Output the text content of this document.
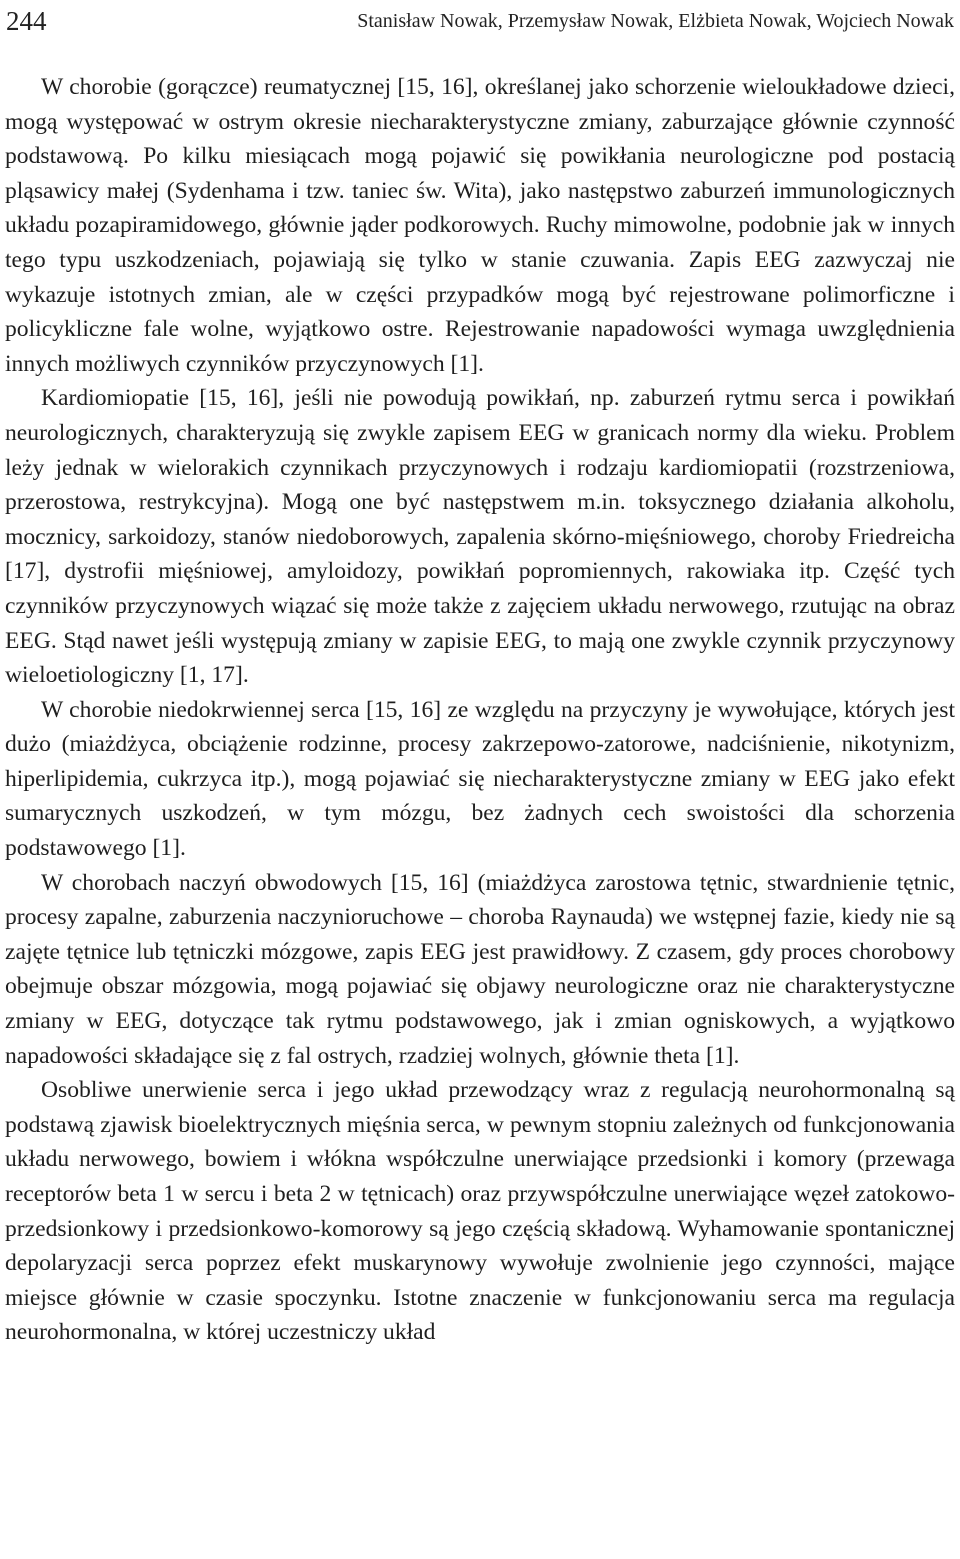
244	Stanisław Nowak, Przemysław Nowak, Elżbieta Nowak, Wojciech Nowak

W chorobie (gorączce) reumatycznej [15, 16], określanej jako schorzenie wieloukładowe dzieci, mogą występować w ostrym okresie niecharakterystyczne zmiany, zaburzające głównie czynność podstawową. Po kilku miesiącach mogą pojawić się powikłania neurologiczne pod postacią pląsawicy małej (Sydenhama i tzw. taniec św. Wita), jako następstwo zaburzeń immunologicznych układu pozapiramidowego, głównie jąder podkorowych. Ruchy mimowolne, podobnie jak w innych tego typu uszkodzeniach, pojawiają się tylko w stanie czuwania. Zapis EEG zazwyczaj nie wykazuje istotnych zmian, ale w części przypadków mogą być rejestrowane polimorficzne i policykliczne fale wolne, wyjątkowo ostre. Rejestrowanie napadowości wymaga uwzględnienia innych możliwych czynników przyczynowych [1].

Kardiomiopatie [15, 16], jeśli nie powodują powikłań, np. zaburzeń rytmu serca i powikłań neurologicznych, charakteryzują się zwykle zapisem EEG w granicach normy dla wieku. Problem leży jednak w wielorakich czynnikach przyczynowych i rodzaju kardiomiopatii (rozstrzeniowa, przerostowa, restrykcyjna). Mogą one być następstwem m.in. toksycznego działania alkoholu, mocznicy, sarkoidozy, stanów niedoborowych, zapalenia skórno-mięśniowego, choroby Friedreicha [17], dystrofii mięśniowej, amyloidozy, powikłań popromiennych, rakowiaka itp. Część tych czynników przyczynowych wiązać się może także z zajęciem układu nerwowego, rzutując na obraz EEG. Stąd nawet jeśli występują zmiany w zapisie EEG, to mają one zwykle czynnik przyczynowy wieloetiologiczny [1, 17].

W chorobie niedokrwiennej serca [15, 16] ze względu na przyczyny je wywołujące, których jest dużo (miażdżyca, obciążenie rodzinne, procesy zakrzepowo-zatorowe, nadciśnienie, nikotynizm, hiperlipidemia, cukrzyca itp.), mogą pojawiać się niecharakterystyczne zmiany w EEG jako efekt sumarycznych uszkodzeń, w tym mózgu, bez żadnych cech swoistości dla schorzenia podstawowego [1].

W chorobach naczyń obwodowych [15, 16] (miażdżyca zarostowa tętnic, stwardnienie tętnic, procesy zapalne, zaburzenia naczynioruchowe – choroba Raynauda) we wstępnej fazie, kiedy nie są zajęte tętnice lub tętniczki mózgowe, zapis EEG jest prawidłowy. Z czasem, gdy proces chorobowy obejmuje obszar mózgowia, mogą pojawiać się objawy neurologiczne oraz nie charakterystyczne zmiany w EEG, dotyczące tak rytmu podstawowego, jak i zmian ogniskowych, a wyjątkowo napadowości składające się z fal ostrych, rzadziej wolnych, głównie theta [1].

Osobliwe unerwienie serca i jego układ przewodzący wraz z regulacją neurohormonalną są podstawą zjawisk bioelektrycznych mięśnia serca, w pewnym stopniu zależnych od funkcjonowania układu nerwowego, bowiem i włókna współczulne unerwiające przedsionki i komory (przewaga receptorów beta 1 w sercu i beta 2 w tętnicach) oraz przywspółczulne unerwiające węzeł zatokowo-przedsionkowy i przedsionkowo-komorowy są jego częścią składową. Wyhamowanie spontanicznej depolaryzacji serca poprzez efekt muskarynowy wywołuje zwolnienie jego czynności, mające miejsce głównie w czasie spoczynku. Istotne znaczenie w funkcjonowaniu serca ma regulacja neurohormonalna, w której uczestniczy układ
